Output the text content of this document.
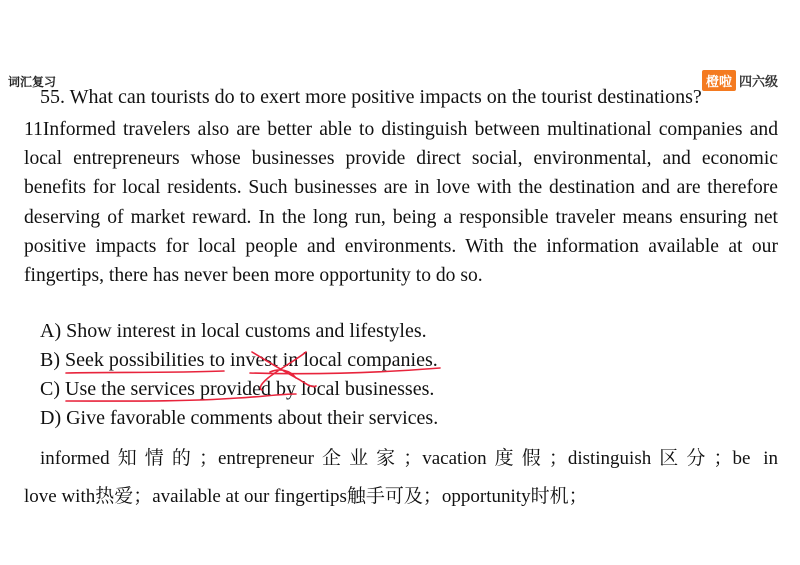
词汇复习	橙啦 四六级
55. What can tourists do to exert more positive impacts on the tourist destinations?
11Informed travelers also are better able to distinguish between multinational companies and local entrepreneurs whose businesses provide direct social, environmental, and economic benefits for local residents. Such businesses are in love with the destination and are therefore deserving of market reward. In the long run, being a responsible traveler means ensuring net positive impacts for local people and environments. With the information available at our fingertips, there has never been more opportunity to do so.
A) Show interest in local customs and lifestyles.
B) Seek possibilities to invest in local companies.
C) Use the services provided by local businesses.
D) Give favorable comments about their services.
informed知情的；entrepreneur企业家；vacation度假；distinguish区分；be in
love with热爱；available at our fingertips触手可及；opportunity时机；
